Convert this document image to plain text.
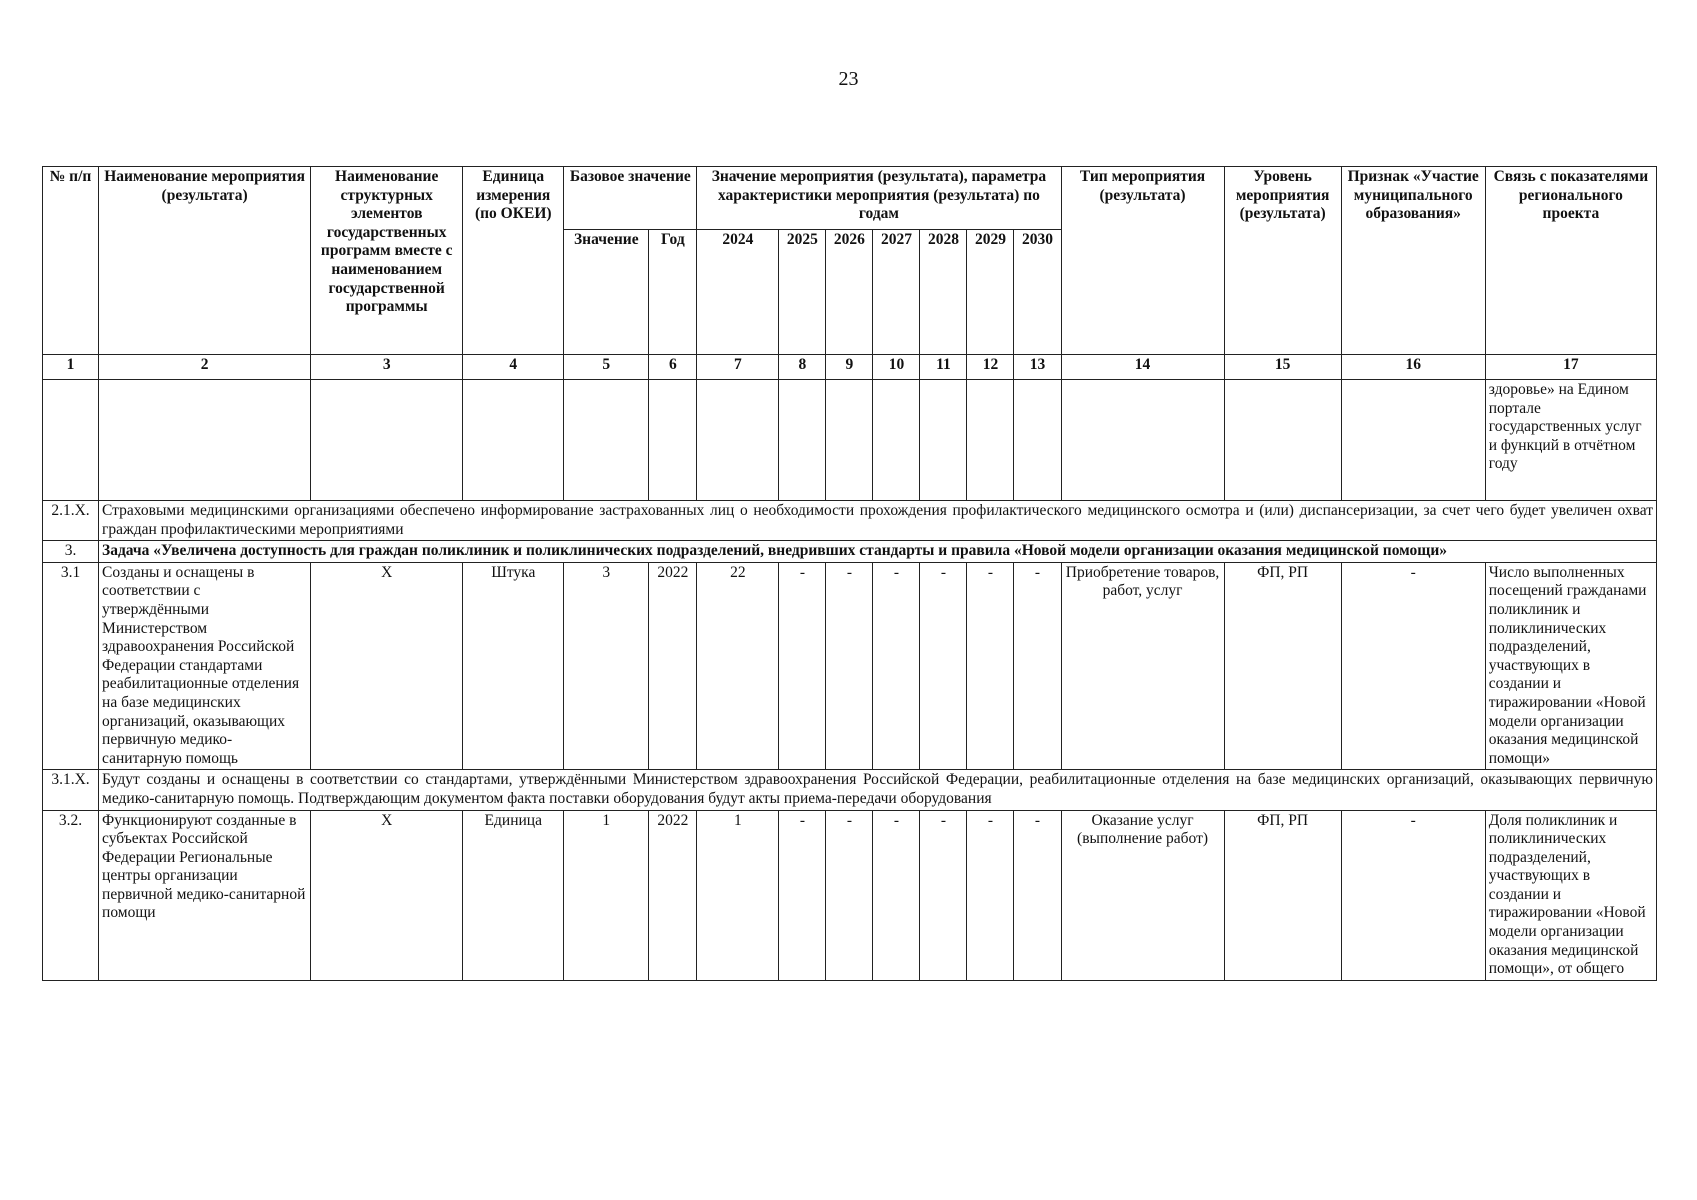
23
№ п/п	Наименование мероприятия (результата)	Наименование структурных элементов государственных программ вместе с наименованием государственной программы	Единица измерения (по ОКЕИ)	Базовое значение		Значение мероприятия (результата), параметра характеристики мероприятия (результата) по годам							Тип мероприятия (результата)	Уровень мероприятия (результата)	Признак «Участие муниципального образования»	Связь с показателями регионального проекта
				Значение	Год	2024	2025	2026	2027	2028	2029	2030				
1	2	3	4	5	6	7	8	9	10	11	12	13	14	15	16	17
																здоровье» на Едином портале государственных услуг и функций в отчётном году
2.1.X.	Страховыми медицинскими организациями обеспечено информирование застрахованных лиц о необходимости прохождения профилактического медицинского осмотра и (или) диспансеризации, за счет чего будет увеличен охват граждан профилактическими мероприятиями															
3.	Задача «Увеличена доступность для граждан поликлиник и поликлинических подразделений, внедривших стандарты и правила «Новой модели организации оказания медицинской помощи»															
3.1	Созданы и оснащены в соответствии с утверждёнными Министерством здравоохранения Российской Федерации стандартами реабилитационные отделения на базе медицинских организаций, оказывающих первичную медико-санитарную помощь	X	Штука	3	2022	22	-	-	-	-	-	-	Приобретение товаров, работ, услуг	ФП, РП	-	Число выполненных посещений гражданами поликлиник и поликлинических подразделений, участвующих в создании и тиражировании «Новой модели организации оказания медицинской помощи»
3.1.X.	Будут созданы и оснащены в соответствии со стандартами, утверждёнными Министерством здравоохранения Российской Федерации, реабилитационные отделения на базе медицинских организаций, оказывающих первичную медико-санитарную помощь. Подтверждающим документом факта поставки оборудования будут акты приема-передачи оборудования															
3.2.	Функционируют созданные в субъектах Российской Федерации Региональные центры организации первичной медико-санитарной помощи	X	Единица	1	2022	1	-	-	-	-	-	-	Оказание услуг (выполнение работ)	ФП, РП	-	Доля поликлиник и поликлинических подразделений, участвующих в создании и тиражировании «Новой модели организации оказания медицинской помощи», от общего
